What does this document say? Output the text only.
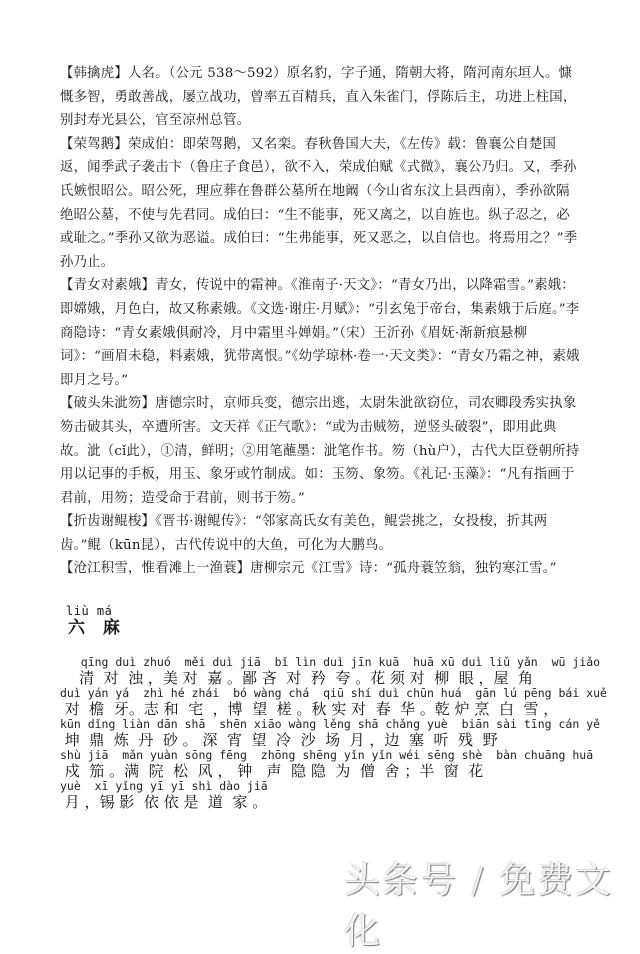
【韩擒虎】人名。（公元 538～592）原名豹，字子通，隋朝大将，隋河南东垣人。慷慨多智，勇敢善战，屡立战功，曾率五百精兵，直入朱雀门，俘陈后主，功进上柱国，别封寿光县公，官至凉州总管。

【荣驾鹅】荣成伯：即荣驾鹅，又名栾。春秋鲁国大夫，《左传》载：鲁襄公自楚国返，闻季武子袭击卞（鲁庄子食邑），欲不入，荣成伯赋《式微》，襄公乃归。又，季孙氏嫉恨昭公。昭公死，理应葬在鲁群公墓所在地阚（今山省东汶上县西南），季孙欲隔绝昭公墓，不使与先君同。成伯曰：“生不能事，死又离之，以自旌也。纵子忍之，必或耻之。”季孙又欲为恶谥。成伯曰：“生弗能事，死又恶之，以自信也。将焉用之？”季孙乃止。

【青女对素娥】青女，传说中的霜神。《淮南子·天文》：“青女乃出，以降霜雪。”素娥：即嫦娥，月色白，故又称素娥。《文选·谢庄·月赋》：“引玄兔于帝台，集素娥于后庭。”李商隐诗：“青女素娥俱耐冷，月中霜里斗婵娟。”（宋）王沂孙《眉妩·渐新痕悬柳词》：“画眉未稳，料素娥，犹带离恨。”《幼学琼林·卷一·天文类》：“青女乃霜之神，素娥即月之号。”

【破头朱泚笏】唐德宗时，京师兵变，德宗出逃，太尉朱泚欲窃位，司农卿段秀实执象笏击破其头，卒遭所害。文天祥《正气歌》：“或为击贼笏，逆竖头破裂”，即用此典故。泚（cǐ此），①清，鲜明；②用笔蘸墨：泚笔作书。笏（hù户），古代大臣登朝所持用以记事的手板，用玉、象牙或竹制成。如：玉笏、象笏。《礼记·玉藻》：“凡有指画于君前，用笏；造受命于君前，则书于笏。”

【折齿谢鲲梭】《晋书·谢鲲传》：“邻家高氏女有美色，鲲尝挑之，女投梭，折其两齿。”鲲（kūn昆），古代传说中的大鱼，可化为大鹏鸟。

【沧江积雪，惟看滩上一渔蓑】唐柳宗元《江雪》诗：“孤舟蓑笠翁，独钓寒江雪。”

liù má
六 麻
qīng duì zhuó  měi duì jiā  bǐ lìn duì jīn kuā  huā xū duì liǔ yǎn  wū jiǎo
清  对  浊 ，美 对  嘉 。鄙 吝  对  矜  夸 。花 须 对  柳  眼 ，屋  角
duì yán yá  zhì hé zhái  bó wàng chá  qiū shí duì chūn huá  gān lú pēng bái xuě
对  檐  牙。志 和  宅  ，博  望  槎 。秋 实 对  春  华 。乾 炉 烹  白  雪 ，
kūn dǐng liàn dān shā  shēn xiāo wàng lěng shā chǎng yuè  biān sài tīng cán yě
坤  鼎  炼  丹  砂 。 深  宵  望  冷  沙  场  月 ，边  塞  听  残  野
shù jiā  mǎn yuàn sōng fēng  zhōng shēng yǐn yǐn wéi sēng shè  bàn chuāng huā
戍  笳 。满  院  松  风 ， 钟   声  隐 隐  为  僧  舍 ；半  窗  花
yuè  xī yǐng yī yī shì dào jiā
月 ，锡 影  依 依 是  道  家 。
头条号 / 免费文化
